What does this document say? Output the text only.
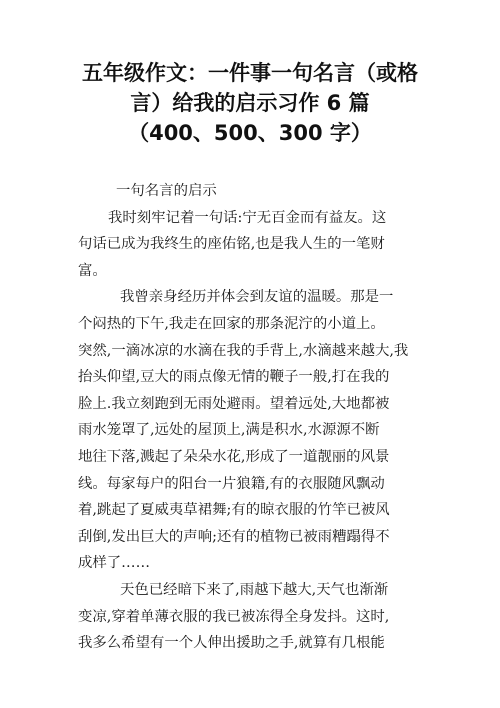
五年级作文：一件事一句名言（或格
言）给我的启示习作 6 篇
（400、500、300 字）
一句名言的启示
我时刻牢记着一句话:宁无百金而有益友。这
句话已成为我终生的座佑铭,也是我人生的一笔财
富。
我曾亲身经历并体会到友谊的温暖。那是一
个闷热的下午,我走在回家的那条泥泞的小道上。
突然,一滴冰凉的水滴在我的手背上,水滴越来越大,我
抬头仰望,豆大的雨点像无情的鞭子一般,打在我的
脸上.我立刻跑到无雨处避雨。望着远处,大地都被
雨水笼罩了,远处的屋顶上,满是积水,水源源不断
地往下落,溅起了朵朵水花,形成了一道靓丽的风景
线。每家每户的阳台一片狼籍,有的衣服随风飘动
着,跳起了夏威夷草裙舞;有的晾衣服的竹竿已被风
刮倒,发出巨大的声响;还有的植物已被雨糟蹋得不
成样了……
天色已经暗下来了,雨越下越大,天气也渐渐
变凉,穿着单薄衣服的我已被冻得全身发抖。这时,
我多么希望有一个人伸出援助之手,就算有几根能
